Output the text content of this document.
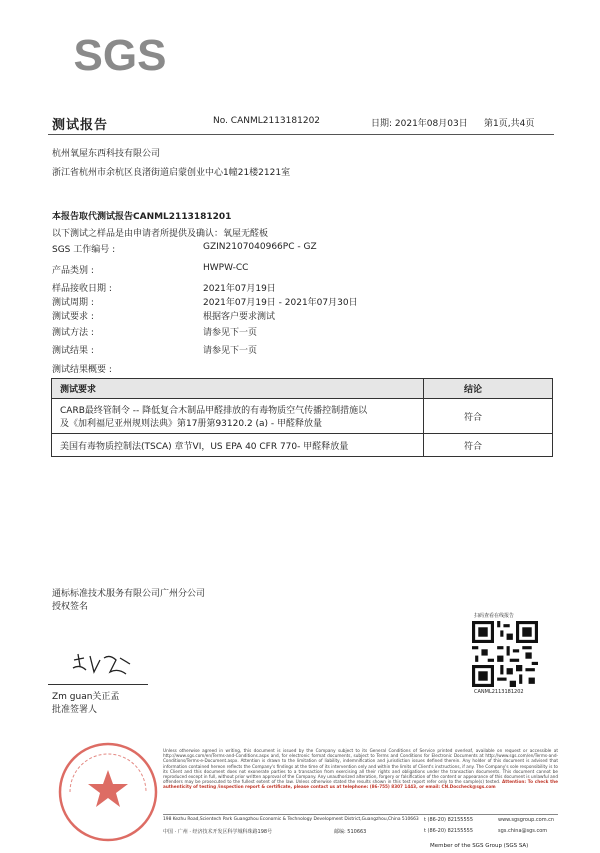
SGS
测试报告	No. CANML2113181202	日期: 2021年08月03日 第1页,共4页
杭州氧屋东西科技有限公司
浙江省杭州市余杭区良渚街道启蒙创业中心1幢21楼2121室
本报告取代测试报告CANML2113181201
以下测试之样品是由申请者所提供及确认：氧屋无醛板
SGS 工作编号 :	GZIN2107040966PC - GZ
产品类别 :	HWPW-CC
样品接收日期 :	2021年07月19日
测试周期 :	2021年07月19日 - 2021年07月30日
测试要求 :	根据客户要求测试
测试方法 :	请参见下一页
测试结果 :	请参见下一页
测试结果概要 :
测试要求	结论

CARB最终管制令 -- 降低复合木制品甲醛排放的有毒物质空气传播控制措施以
及《加利福尼亚州规则法典》第17册第93120.2 (a) - 甲醛释放量	符合

美国有毒物质控制法(TSCA) 章节VI，US EPA 40 CFR 770- 甲醛释放量	符合
通标标准技术服务有限公司广州分公司
授权签名
Zm guan关正孟
批准签署人
扫码查看在线报告
CANML2113181202
Unless otherwise agreed in writing, this document is issued by the Company subject to its General Conditions of Service printed overleaf, available on request or accessible at http://www.sgs.com/en/Terms-and-Conditions.aspx and, for electronic format documents, subject to Terms and Conditions for Electronic Documents at http://www.sgs.com/en/Terms-and-Conditions/Terms-e-Document.aspx. Attention is drawn to the limitation of liability, indemnification and jurisdiction issues defined therein. Any holder of this document is advised that information contained hereon reflects the Company's findings at the time of its intervention only and within the limits of Client's instructions, if any. The Company's sole responsibility is to its Client and this document does not exonerate parties to a transaction from exercising all their rights and obligations under the transaction documents. This document cannot be reproduced except in full, without prior written approval of the Company. Any unauthorized alteration, forgery or falsification of the content or appearance of this document is unlawful and offenders may be prosecuted to the fullest extent of the law. Unless otherwise stated the results shown in this test report refer only to the sample(s) tested. Attention: To check the authenticity of testing /inspection report & certificate, please contact us at telephone: (86-755) 8307 1443, or email: CN.Doccheck@sgs.com
198 Kezhu Road,Scientech Park Guangzhou Economic & Technology Development District,Guangzhou,China 510663
中国 · 广州 · 经济技术开发区科学城科珠路198号	邮编: 510663
t (86-20) 82155555	www.sgsgroup.com.cn
t (86-20) 82155555	sgs.china@sgs.com
Member of the SGS Group (SGS SA)
